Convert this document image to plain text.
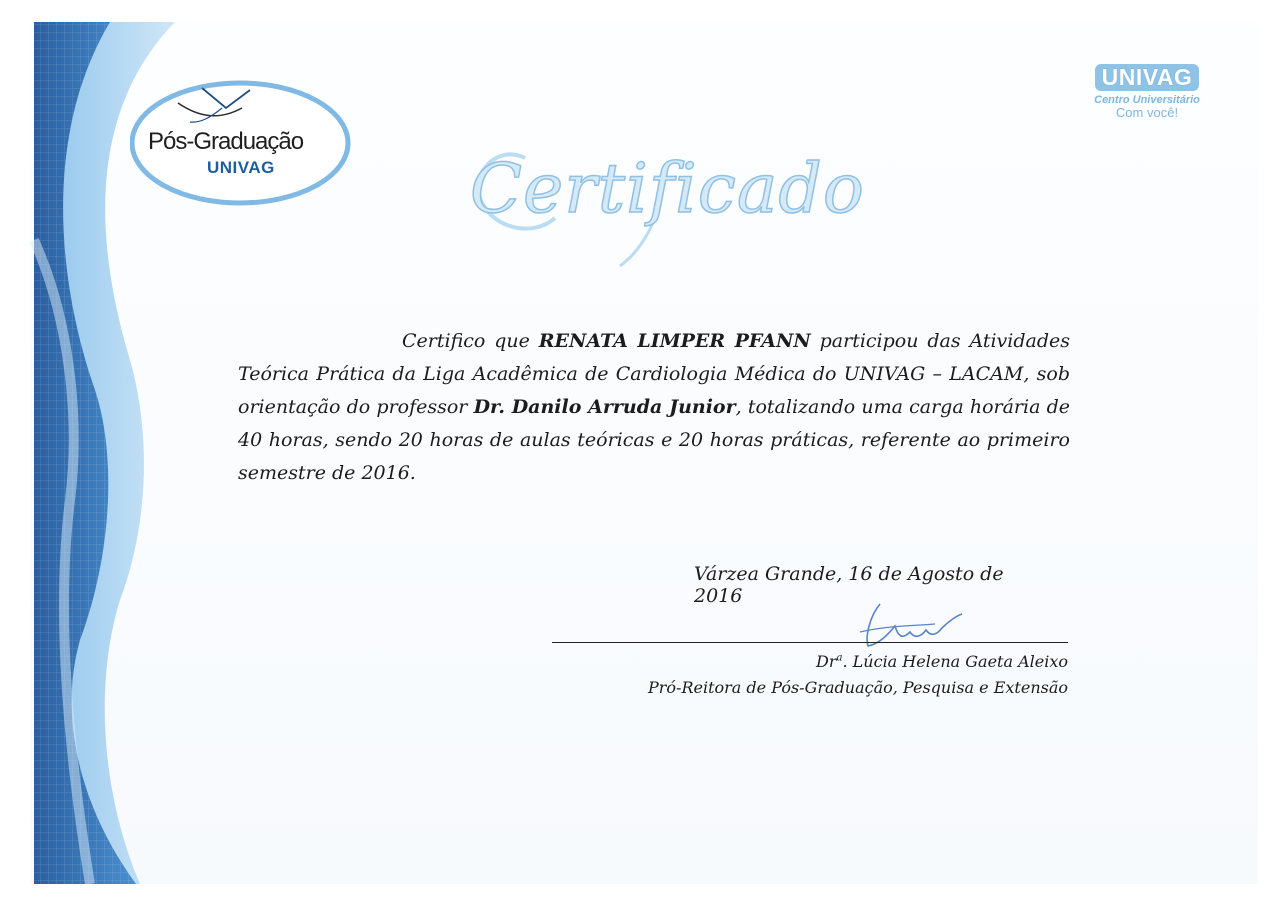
Pós-Graduação
UNIVAG
UNIVAG
Centro Universitário
Com você!
Certificado
Certifico que RENATA LIMPER PFANN participou das Atividades Teórica Prática da Liga Acadêmica de Cardiologia Médica do UNIVAG – LACAM, sob orientação do professor Dr. Danilo Arruda Junior, totalizando uma carga horária de 40 horas, sendo 20 horas de aulas teóricas e 20 horas práticas, referente ao primeiro semestre de 2016.
Várzea Grande, 16 de Agosto de 2016
Dr$^a$. Lúcia Helena Gaeta Aleixo
Pró-Reitora de Pós-Graduação, Pesquisa e Extensão
